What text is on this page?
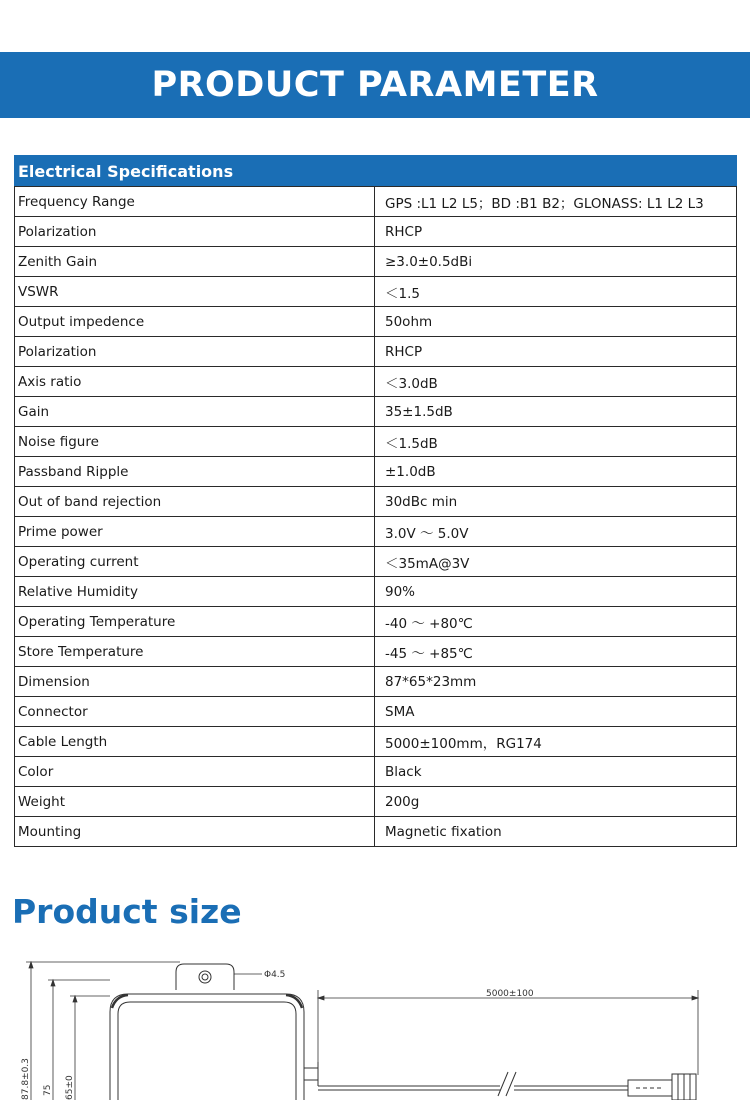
PRODUCT PARAMETER
Electrical Specifications	
Frequency Range	GPS :L1 L2 L5；BD :B1 B2；GLONASS: L1 L2 L3
Polarization	RHCP
Zenith Gain	≥3.0±0.5dBi
VSWR	＜1.5
Output impedence	50ohm
Polarization	RHCP
Axis ratio	＜3.0dB
Gain	35±1.5dB
Noise figure	＜1.5dB
Passband Ripple	±1.0dB
Out of band rejection	30dBc min
Prime power	3.0V ～ 5.0V
Operating current	＜35mA@3V
Relative Humidity	90%
Operating Temperature	-40 ～ +80℃
Store Temperature	-45 ～ +85℃
Dimension	87*65*23mm
Connector	SMA
Cable Length	5000±100mm，RG174
Color	Black
Weight	200g
Mounting	Magnetic fixation
Product size
Φ4.5
5000±100
87.8±0.3 75 65±0
